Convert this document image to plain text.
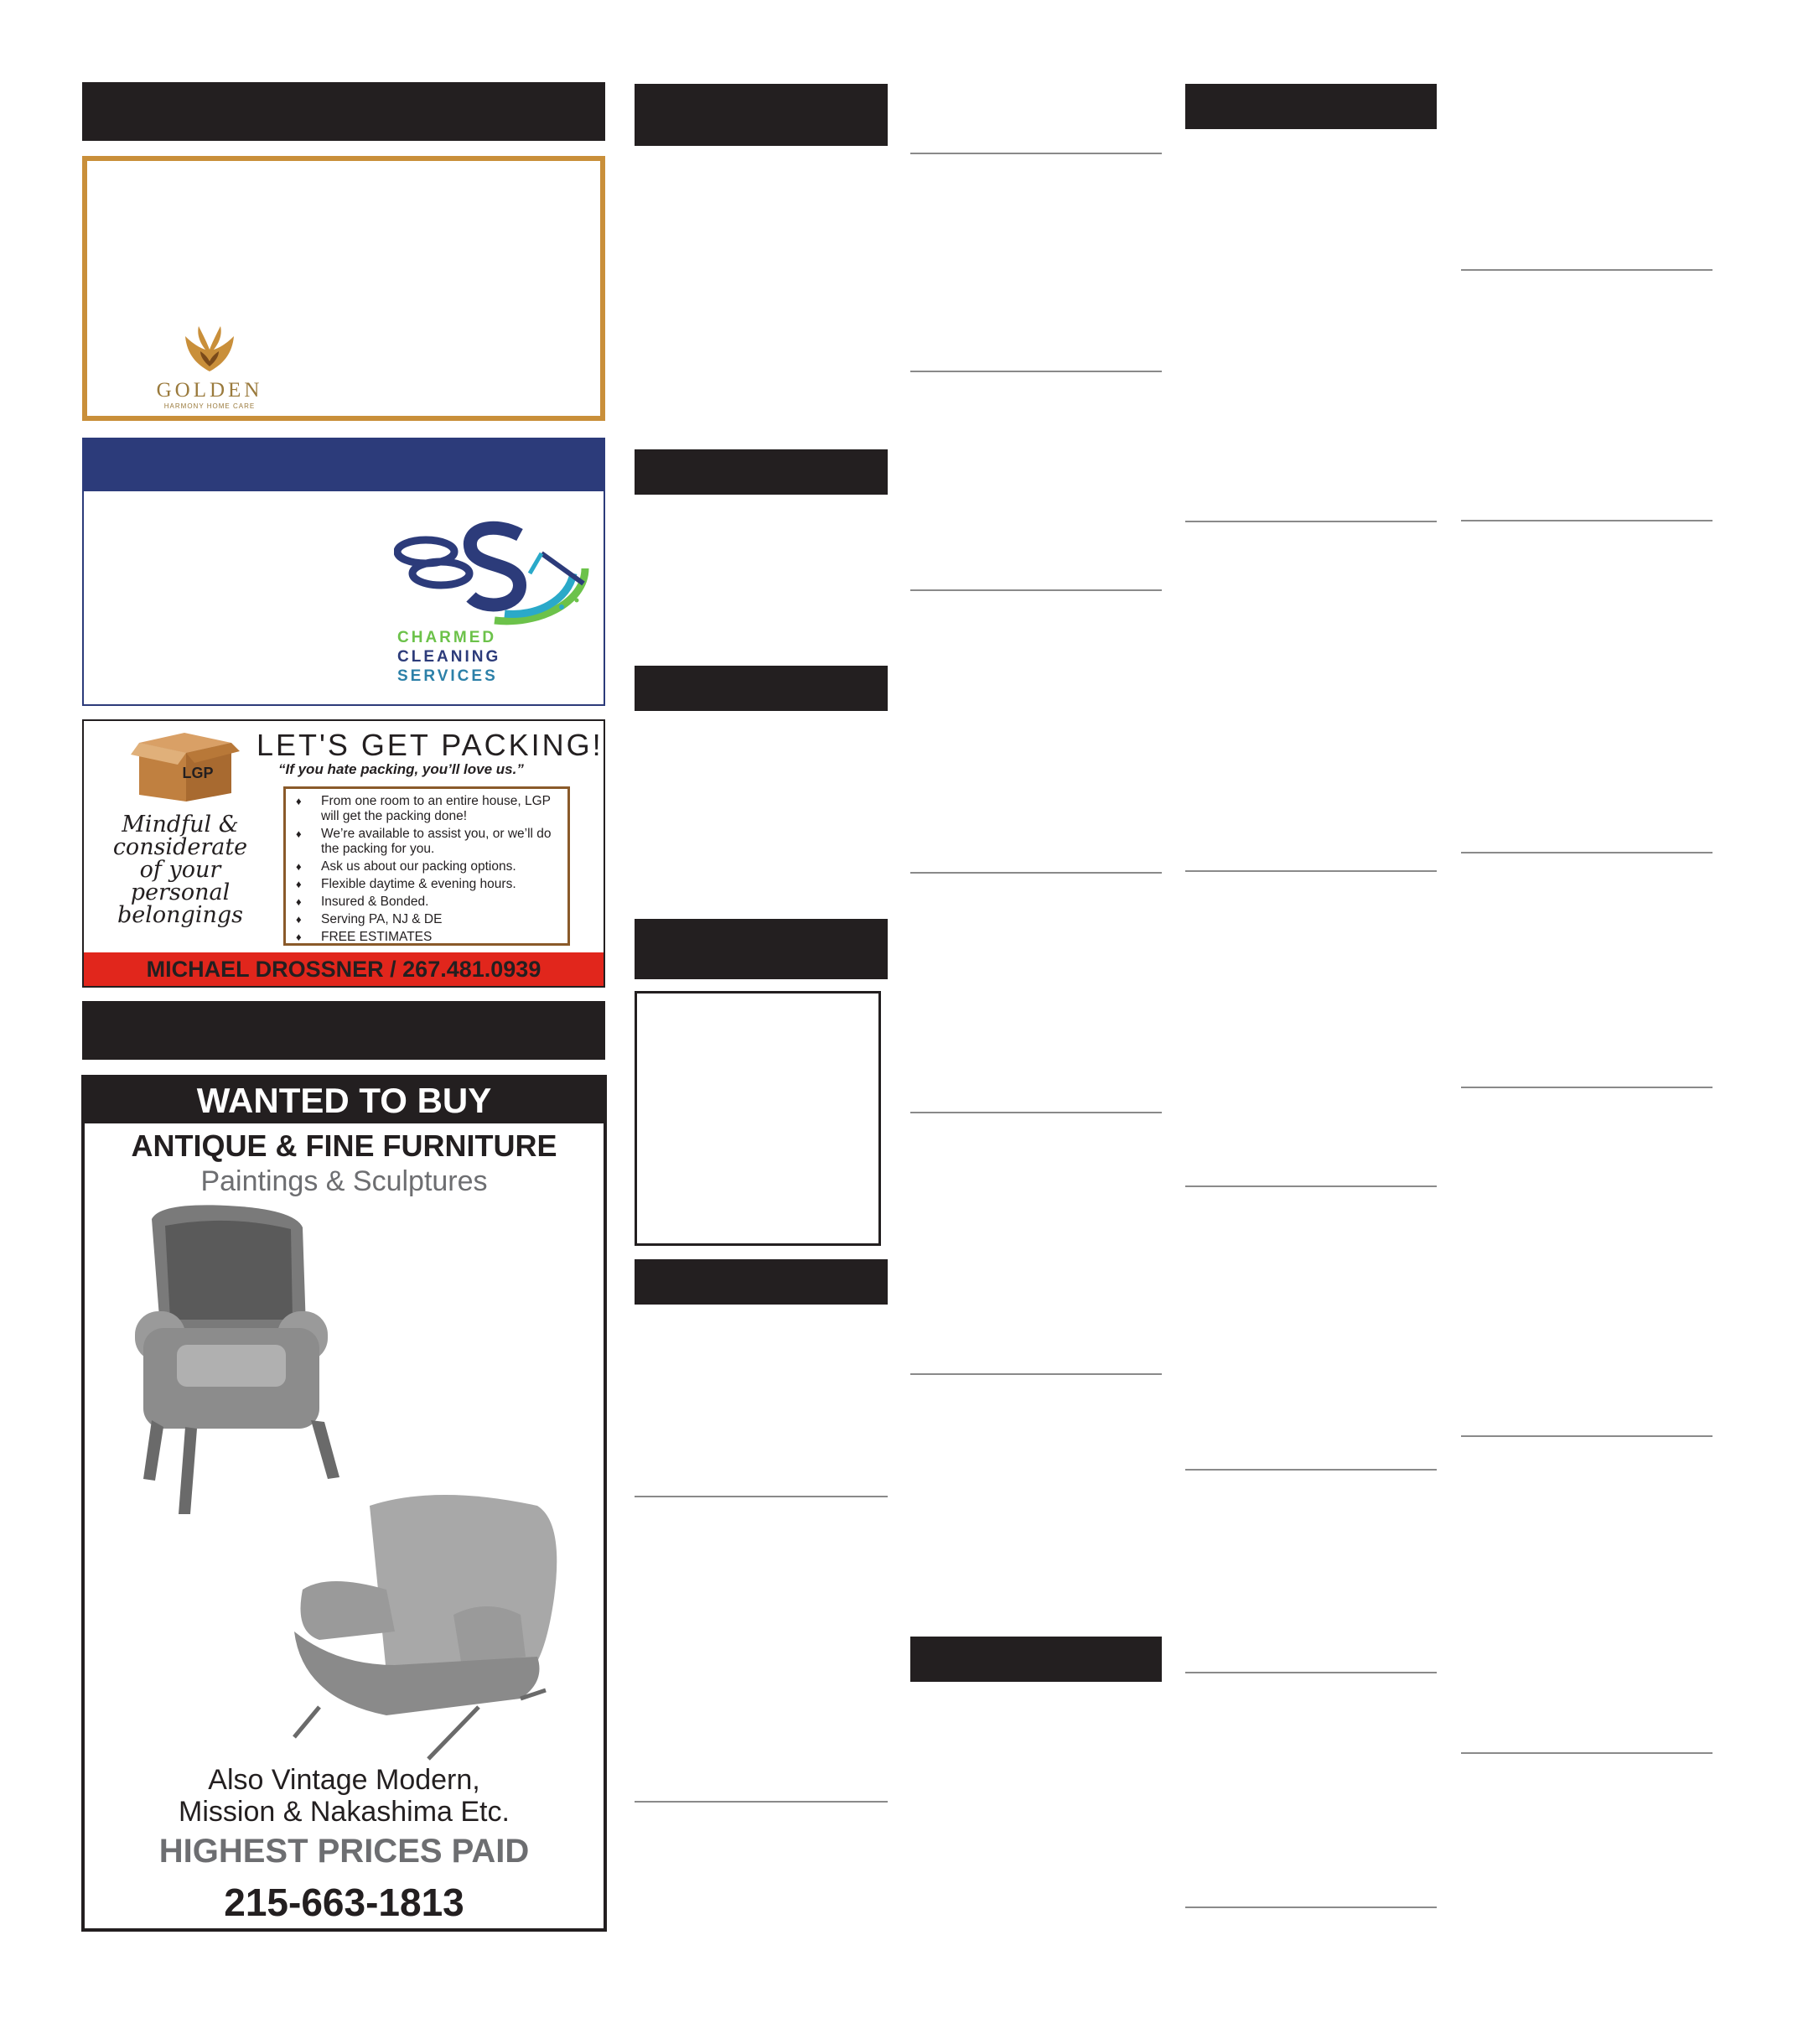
GOLDEN
HARMONY HOME CARE
CHARMED
CLEANING
SERVICES
LGP
LET'S GET PACKING!
“If you hate packing, you’ll love us.”
Mindful &
considerate
of your
personal
belongings
♦ From one room to an entire house, LGP will get the packing done!
♦ We’re available to assist you, or we’ll do the packing for you.
♦ Ask us about our packing options.
♦ Flexible daytime & evening hours.
♦ Insured & Bonded.
♦ Serving PA, NJ & DE
♦ FREE ESTIMATES
MICHAEL DROSSNER / 267.481.0939
WANTED TO BUY
ANTIQUE & FINE FURNITURE
Paintings & Sculptures
Also Vintage Modern,
Mission & Nakashima Etc.
HIGHEST PRICES PAID
215-663-1813
